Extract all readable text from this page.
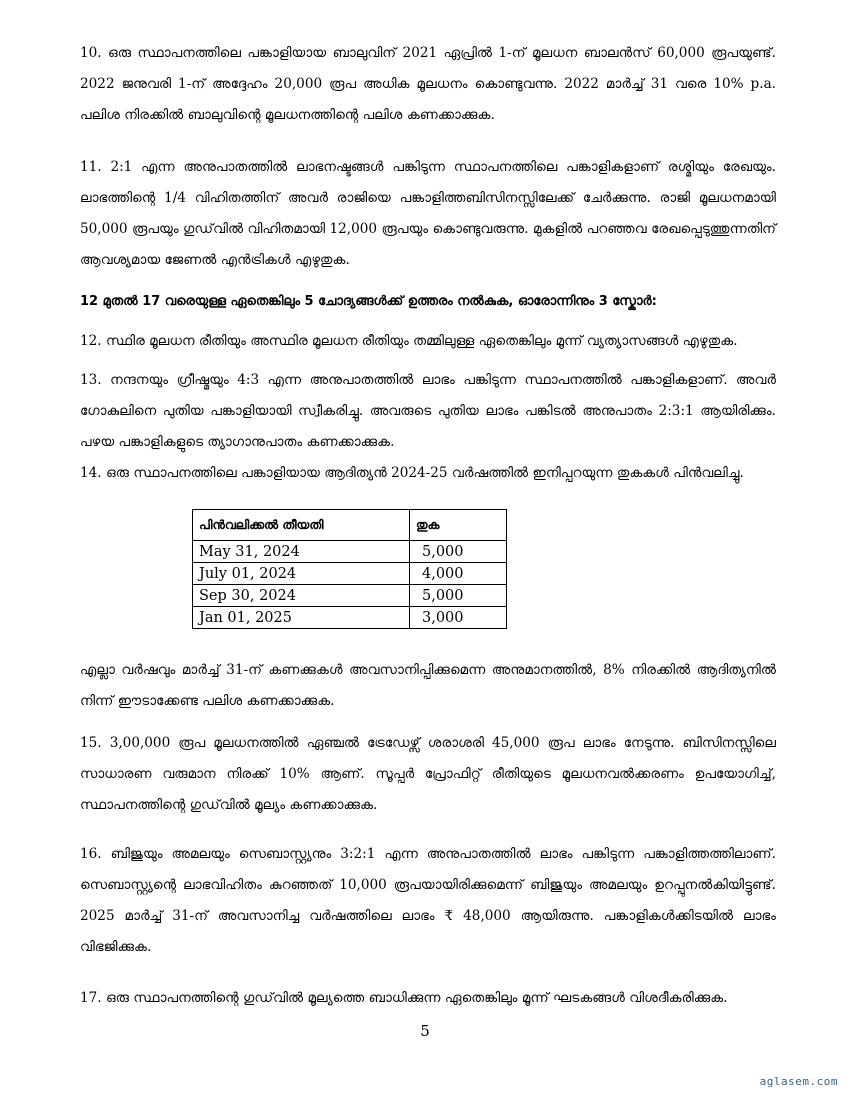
10. ഒരു സ്ഥാപനത്തിലെ പങ്കാളിയായ ബാലുവിന് 2021 ഏപ്രിൽ 1-ന് മൂലധന ബാലൻസ് 60,000 രൂപയുണ്ട്. 2022 ജനുവരി 1-ന് അദ്ദേഹം 20,000 രൂപ അധിക മൂലധനം കൊണ്ടുവന്നു. 2022 മാർച്ച് 31 വരെ 10% p.a. പലിശ നിരക്കിൽ ബാലുവിന്റെ മൂലധനത്തിന്റെ പലിശ കണക്കാക്കുക.

11. 2:1 എന്ന അനുപാതത്തിൽ ലാഭനഷ്ടങ്ങൾ പങ്കിടുന്ന സ്ഥാപനത്തിലെ പങ്കാളികളാണ് രശ്മിയും രേഖയും. ലാഭത്തിന്റെ 1/4 വിഹിതത്തിന് അവർ രാജിയെ പങ്കാളിത്തബിസിനസ്സിലേക്ക് ചേർക്കുന്നു. രാജി മൂലധനമായി 50,000 രൂപയും ഗുഡ്‌വിൽ വിഹിതമായി 12,000 രൂപയും കൊണ്ടുവരുന്നു. മുകളിൽ പറഞ്ഞവ രേഖപ്പെടുത്തുന്നതിന് ആവശ്യമായ ജേണൽ എൻട്രികൾ എഴുതുക.

12 മുതൽ 17 വരെയുള്ള ഏതെങ്കിലും 5 ചോദ്യങ്ങൾക്ക് ഉത്തരം നൽകുക, ഓരോന്നിനും 3 സ്കോർ:

12. സ്ഥിര മൂലധന രീതിയും അസ്ഥിര മൂലധന രീതിയും തമ്മിലുള്ള ഏതെങ്കിലും മൂന്ന് വ്യത്യാസങ്ങൾ എഴുതുക.

13. നന്ദനയും ഗ്രീഷ്മയും 4:3 എന്ന അനുപാതത്തിൽ ലാഭം പങ്കിടുന്ന സ്ഥാപനത്തിൽ പങ്കാളികളാണ്. അവർ ഗോകുലിനെ പുതിയ പങ്കാളിയായി സ്വീകരിച്ചു. അവരുടെ പുതിയ ലാഭം പങ്കിടൽ അനുപാതം 2:3:1 ആയിരിക്കും. പഴയ പങ്കാളികളുടെ ത്യാഗാനുപാതം കണക്കാക്കുക.

14. ഒരു സ്ഥാപനത്തിലെ പങ്കാളിയായ ആദിത്യൻ 2024-25 വർഷത്തിൽ ഇനിപ്പറയുന്ന തുകകൾ പിൻവലിച്ചു.

പിൻവലിക്കൽ തീയതി	തുക
May 31, 2024	5,000
July 01, 2024	4,000
Sep 30, 2024	5,000
Jan 01, 2025	3,000

എല്ലാ വർഷവും മാർച്ച് 31-ന് കണക്കുകൾ അവസാനിപ്പിക്കുമെന്ന അനുമാനത്തിൽ, 8% നിരക്കിൽ ആദിത്യനിൽ നിന്ന് ഈടാക്കേണ്ട പലിശ കണക്കാക്കുക.

15. 3,00,000 രൂപ മൂലധനത്തിൽ ഏഞ്ചൽ ട്രേഡേഴ്സ് ശരാശരി 45,000 രൂപ ലാഭം നേടുന്നു. ബിസിനസ്സിലെ സാധാരണ വരുമാന നിരക്ക് 10% ആണ്. സൂപ്പർ പ്രോഫിറ്റ് രീതിയുടെ മൂലധനവൽക്കരണം ഉപയോഗിച്ച്, സ്ഥാപനത്തിന്റെ ഗുഡ്‌വിൽ മൂല്യം കണക്കാക്കുക.

16. ബിജുയും അമലയും സെബാസ്റ്റ്യനും 3:2:1 എന്ന അനുപാതത്തിൽ ലാഭം പങ്കിടുന്ന പങ്കാളിത്തത്തിലാണ്. സെബാസ്റ്റ്യന്റെ ലാഭവിഹിതം കുറഞ്ഞത് 10,000 രൂപയായിരിക്കുമെന്ന് ബിജുയും അമലയും ഉറപ്പുനൽകിയിട്ടുണ്ട്. 2025 മാർച്ച് 31-ന് അവസാനിച്ച വർഷത്തിലെ ലാഭം ₹ 48,000 ആയിരുന്നു. പങ്കാളികൾക്കിടയിൽ ലാഭം വിഭജിക്കുക.

17. ഒരു സ്ഥാപനത്തിന്റെ ഗുഡ്‌വിൽ മൂല്യത്തെ ബാധിക്കുന്ന ഏതെങ്കിലും മൂന്ന് ഘടകങ്ങൾ വിശദീകരിക്കുക.

5
aglasem.com
